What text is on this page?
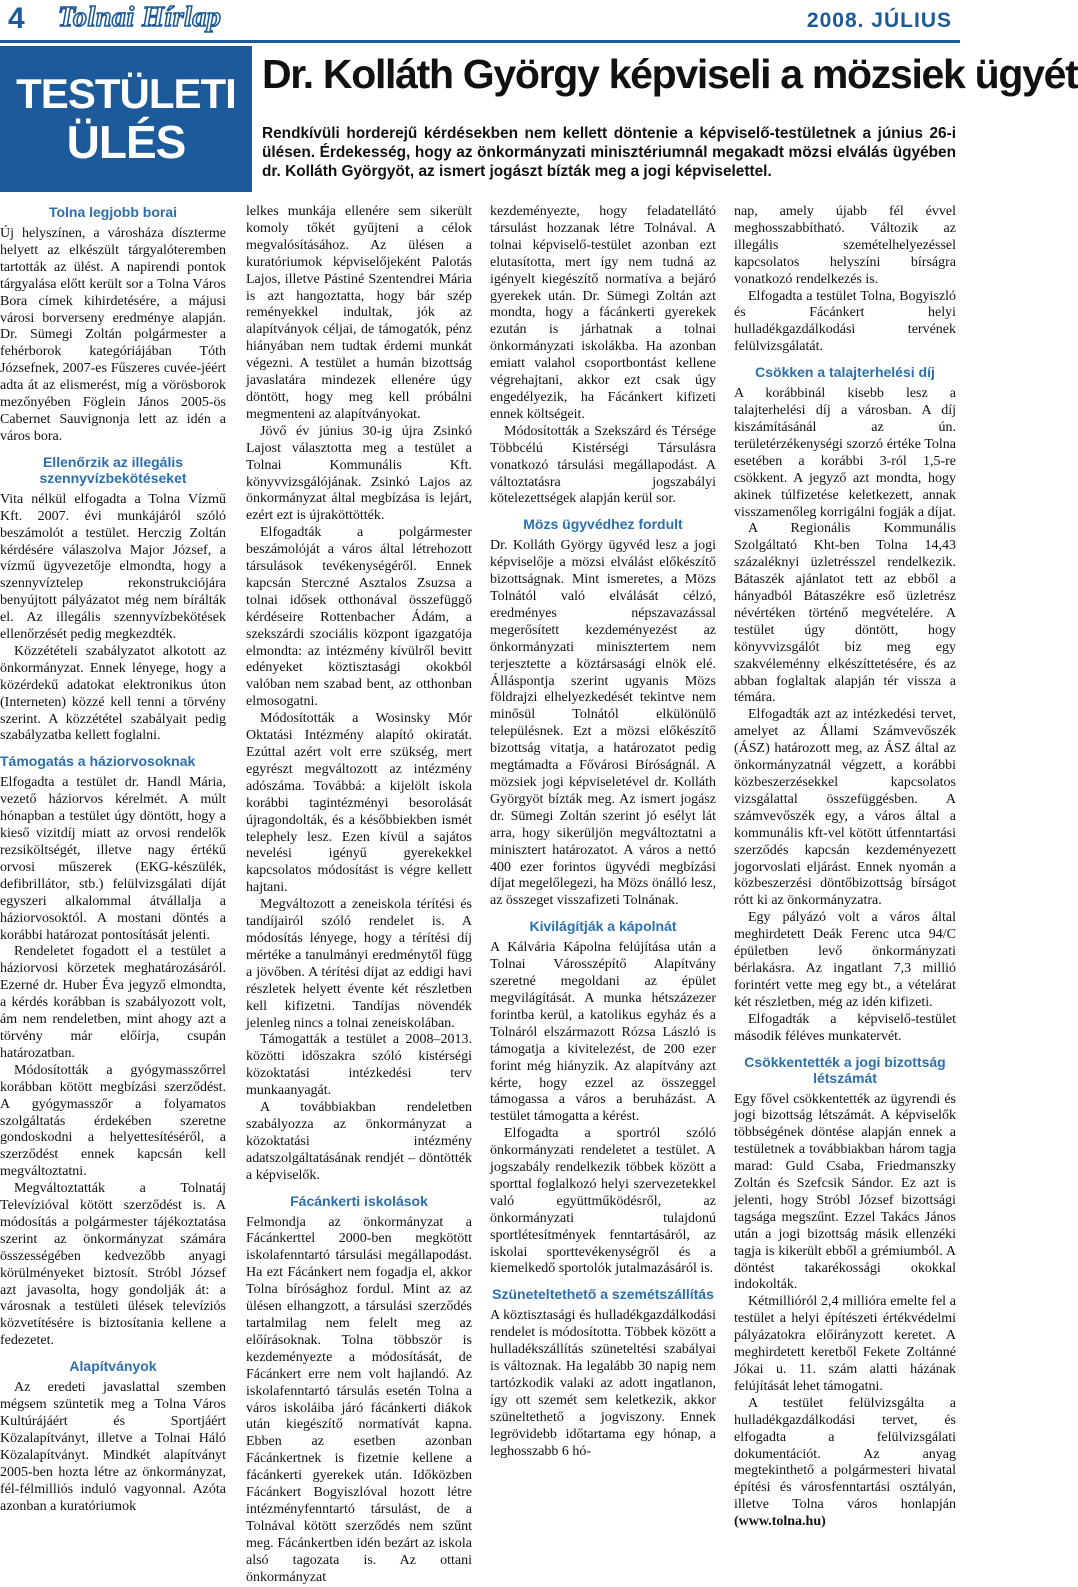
4 Tolnai Hírlap	2008. JÚLIUS
TESTÜLETI
ÜLÉS
Dr. Kolláth György képviseli a mözsiek ügyét
Rendkívüli horderejű kérdésekben nem kellett döntenie a képviselő-testületnek a június 26-i ülésen. Érdekesség, hogy az önkormányzati minisztériumnál megakadt mözsi elválás ügyében dr. Kolláth Györgyöt, az ismert jogászt bízták meg a jogi képviselettel.
Tolna legjobb borai

Új helyszínen, a városháza díszterme helyett az elkészült tárgyalóteremben tartották az ülést. A napirendi pontok tárgyalása előtt került sor a Tolna Város Bora címek kihirdetésére, a májusi városi borverseny eredménye alapján. Dr. Sümegi Zoltán polgármester a fehérborok kategóriájában Tóth Józsefnek, 2007-es Fűszeres cuvée-jéért adta át az elismerést, míg a vörösborok mezőnyében Föglein János 2005-ös Cabernet Sauvignonja lett az idén a város bora.

Ellenőrzik az illegális szennyvízbekötéseket

Vita nélkül elfogadta a Tolna Vízmű Kft. 2007. évi munkájáról szóló beszámolót a testület. Herczig Zoltán kérdésére válaszolva Major József, a vízmű ügyvezetője elmondta, hogy a szennyvíztelep rekonstrukciójára benyújtott pályázatot még nem bírálták el. Az illegális szennyvízbekötések ellenőrzését pedig megkezdték.

Közzétételi szabályzatot alkotott az önkormányzat. Ennek lényege, hogy a közérdekű adatokat elektronikus úton (Interneten) közzé kell tenni a törvény szerint. A közzététel szabályait pedig szabályzatba kellett foglalni.

Támogatás a háziorvosoknak

Elfogadta a testület dr. Handl Mária, vezető háziorvos kérelmét. A múlt hónapban a testület úgy döntött, hogy a kieső vizitdíj miatt az orvosi rendelők rezsiköltségét, illetve nagy értékű orvosi műszerek (EKG-készülék, defibrillátor, stb.) felülvizsgálati díját egyszeri alkalommal átvállalja a háziorvosoktól. A mostani döntés a korábbi határozat pontosítását jelenti.

Rendeletet fogadott el a testület a háziorvosi körzetek meghatározásáról. Ezerné dr. Huber Éva jegyző elmondta, a kérdés korábban is szabályozott volt, ám nem rendeletben, mint ahogy azt a törvény már előírja, csupán határozatban.

Módosították a gyógymasszőrrel korábban kötött megbízási szerződést. A gyógymasszőr a folyamatos szolgáltatás érdekében szeretne gondoskodni a helyettesítéséről, a szerződést ennek kapcsán kell megváltoztatni.

Megváltoztatták a Tolnatáj Televízióval kötött szerződést is. A módosítás a polgármester tájékoztatása szerint az önkormányzat számára összességében kedvezőbb anyagi körülményeket biztosít. Stróbl József azt javasolta, hogy gondolják át: a városnak a testületi ülések televíziós közvetítésére is biztosítania kellene a fedezetet.

Alapítványok

Az eredeti javaslattal szemben mégsem szüntetik meg a Tolna Város Kultúrájáért és Sportjáért Közalapítványt, illetve a Tolnai Háló Közalapítványt. Mindkét alapítványt 2005-ben hozta létre az önkormányzat, fél-félmilliós induló vagyonnal. Azóta azonban a kuratóriumok

lelkes munkája ellenére sem sikerült komoly tőkét gyűjteni a célok megvalósításához. Az ülésen a kuratóriumok képviselőjeként Palotás Lajos, illetve Pástiné Szentendrei Mária is azt hangoztatta, hogy bár szép reményekkel indultak, jók az alapítványok céljai, de támogatók, pénz hiányában nem tudtak érdemi munkát végezni. A testület a humán bizottság javaslatára mindezek ellenére úgy döntött, hogy meg kell próbálni megmenteni az alapítványokat.

Jövő év június 30-ig újra Zsinkó Lajost választotta meg a testület a Tolnai Kommunális Kft. könyvvizsgálójának. Zsinkó Lajos az önkormányzat által megbízása is lejárt, ezért ezt is újraköttötték.

Elfogadták a polgármester beszámolóját a város által létrehozott társulások tevékenységéről. Ennek kapcsán Sterczné Asztalos Zsuzsa a tolnai idősek otthonával összefüggő kérdéseire Rottenbacher Ádám, a szekszárdi szociális központ igazgatója elmondta: az intézmény kívülről bevitt edényeket köztisztasági okokból valóban nem szabad bent, az otthonban elmosogatni.

Módosították a Wosinsky Mór Oktatási Intézmény alapító okiratát. Ezúttal azért volt erre szükség, mert egyrészt megváltozott az intézmény adószáma. Továbbá: a kijelölt iskola korábbi tagintézményi besorolását újragondolták, és a későbbiekben ismét telephely lesz. Ezen kívül a sajátos nevelési igényű gyerekekkel kapcsolatos módosítást is végre kellett hajtani.

Megváltozott a zeneiskola térítési és tandíjairól szóló rendelet is. A módosítás lényege, hogy a térítési díj mértéke a tanulmányi eredménytől függ a jövőben. A térítési díjat az eddigi havi részletek helyett évente két részletben kell kifizetni. Tandíjas növendék jelenleg nincs a tolnai zeneiskolában.

Támogatták a testület a 2008–2013. közötti időszakra szóló kistérségi közoktatási intézkedési terv munkaanyagát.

A továbbiakban rendeletben szabályozza az önkormányzat a közoktatási intézmény adatszolgáltatásának rendjét – döntötték a képviselők.

Fácánkerti iskolások

Felmondja az önkormányzat a Fácánkerttel 2000-ben megkötött iskolafenntartó társulási megállapodást. Ha ezt Fácánkert nem fogadja el, akkor Tolna bírósághoz fordul. Mint az az ülésen elhangzott, a társulási szerződés tartalmilag nem felelt meg az előírásoknak. Tolna többször is kezdeményezte a módosítását, de Fácánkert erre nem volt hajlandó. Az iskolafenntartó társulás esetén Tolna a város iskoláiba járó fácánkerti diákok után kiegészítő normatívát kapna. Ebben az esetben azonban Fácánkertnek is fizetnie kellene a fácánkerti gyerekek után. Időközben Fácánkert Bogyiszlóval hozott létre intézményfenntartó társulást, de a Tolnával kötött szerződés nem szűnt meg. Fácánkertben idén bezárt az iskola alsó tagozata is. Az ottani önkormányzat

kezdeményezte, hogy feladatellátó társulást hozzanak létre Tolnával. A tolnai képviselő-testület azonban ezt elutasította, mert így nem tudná az igényelt kiegészítő normatíva a bejáró gyerekek után. Dr. Sümegi Zoltán azt mondta, hogy a fácánkerti gyerekek ezután is járhatnak a tolnai önkormányzati iskolákba. Ha azonban emiatt valahol csoportbontást kellene végrehajtani, akkor ezt csak úgy engedélyezik, ha Fácánkert kifizeti ennek költségeit.

Módosították a Szekszárd és Térsége Többcélú Kistérségi Társulásra vonatkozó társulási megállapodást. A változtatásra jogszabályi kötelezettségek alapján kerül sor.

Mözs ügyvédhez fordult

Dr. Kolláth György ügyvéd lesz a jogi képviselője a mözsi elválást előkészítő bizottságnak. Mint ismeretes, a Mözs Tolnától való elválását célzó, eredményes népszavazással megerősített kezdeményezést az önkormányzati minisztertem nem terjesztette a köztársasági elnök elé. Álláspontja szerint ugyanis Mözs földrajzi elhelyezkedését tekintve nem minősül Tolnától elkülönülő településnek. Ezt a mözsi előkészítő bizottság vitatja, a határozatot pedig megtámadta a Fővárosi Bíróságnál. A mözsiek jogi képviseletével dr. Kolláth Györgyöt bízták meg. Az ismert jogász dr. Sümegi Zoltán szerint jó esélyt lát arra, hogy sikerüljön megváltoztatni a minisztert határozatot. A város a nettó 400 ezer forintos ügyvédi megbízási díjat megelőlegezi, ha Mözs önálló lesz, az összeget visszafizeti Tolnának.

Kivilágítják a kápolnát

A Kálvária Kápolna felújítása után a Tolnai Városszépítő Alapítvány szeretné megoldani az épület megvilágítását. A munka hétszázezer forintba kerül, a katolikus egyház és a Tolnáról elszármazott Rózsa László is támogatja a kivitelezést, de 200 ezer forint még hiányzik. Az alapítvány azt kérte, hogy ezzel az összeggel támogassa a város a beruházást. A testület támogatta a kérést.

Elfogadta a sportról szóló önkormányzati rendeletet a testület. A jogszabály rendelkezik többek között a sporttal foglalkozó helyi szervezetekkel való együttműködésről, az önkormányzati tulajdonú sportlétesítmények fenntartásáról, az iskolai sporttevékenységről és a kiemelkedő sportolók jutalmazásáról is.

Szüneteltethető a szemétszállítás

A köztisztasági és hulladékgazdálkodási rendelet is módosította. Többek között a hulladékszállítás szüneteltési szabályai is változnak. Ha legalább 30 napig nem tartózkodik valaki az adott ingatlanon, így ott szemét sem keletkezik, akkor szüneltethető a jogviszony. Ennek legrövidebb időtartama egy hónap, a leghosszabb 6 hó-

nap, amely újabb fél évvel meghosszabbítható. Változik az illegális szemételhelyezéssel kapcsolatos helyszíni bírságra vonatkozó rendelkezés is.

Elfogadta a testület Tolna, Bogyiszló és Fácánkert helyi hulladékgazdálkodási tervének felülvizsgálatát.

Csökken a talajterhelési díj

A korábbinál kisebb lesz a talajterhelési díj a városban. A díj kiszámításánál az ún. területérzékenységi szorzó értéke Tolna esetében a korábbi 3-ról 1,5-re csökkent. A jegyző azt mondta, hogy akinek túlfizetése keletkezett, annak visszamenőleg korrigálni fogják a díjat.

A Regionális Kommunális Szolgáltató Kht-ben Tolna 14,43 százaléknyi üzletrésszel rendelkezik. Bátaszék ajánlatot tett az ebből a hányadból Bátaszékre eső üzletrész névértéken történő megvételére. A testület úgy döntött, hogy könyvvizsgálót bíz meg egy szakvéleménny elkészíttetésére, és az abban foglaltak alapján tér vissza a témára.

Elfogadták azt az intézkedési tervet, amelyet az Állami Számvevőszék (ÁSZ) határozott meg, az ÁSZ által az önkormányzatnál végzett, a korábbi közbeszerzésekkel kapcsolatos vizsgálattal összefüggésben. A számvevőszék egy, a város által a kommunális kft-vel kötött útfenntartási szerződés kapcsán kezdeményezett jogorvoslati eljárást. Ennek nyomán a közbeszerzési döntőbizottság bírságot rótt ki az önkormányzatra.

Egy pályázó volt a város által meghirdetett Deák Ferenc utca 94/C épületben levő önkormányzati bérlakásra. Az ingatlant 7,3 millió forintért vette meg egy bt., a vételárat két részletben, még az idén kifizeti.

Elfogadták a képviselő-testület második féléves munkatervét.

Csökkentették a jogi bizottság létszámát

Egy fővel csökkentették az ügyrendi és jogi bizottság létszámát. A képviselők többségének döntése alapján ennek a testületnek a továbbiakban három tagja marad: Guld Csaba, Friedmanszky Zoltán és Szefcsik Sándor. Ez azt is jelenti, hogy Stróbl József bizottsági tagsága megszűnt. Ezzel Takács János után a jogi bizottság másik ellenzéki tagja is kikerült ebből a grémiumból. A döntést takarékossági okokkal indokolták.

Kétmillióról 2,4 millióra emelte fel a testület a helyi építészeti értékvédelmi pályázatokra előirányzott keretet. A meghirdetett keretből Fekete Zoltánné Jókai u. 11. szám alatti házának felújítását lehet támogatni.

A testület felülvizsgálta a hulladékgazdálkodási tervet, és elfogadta a felülvizsgálati dokumentációt. Az anyag megtekinthető a polgármesteri hivatal építési és városfenntartási osztályán, illetve Tolna város honlapján (www.tolna.hu)
